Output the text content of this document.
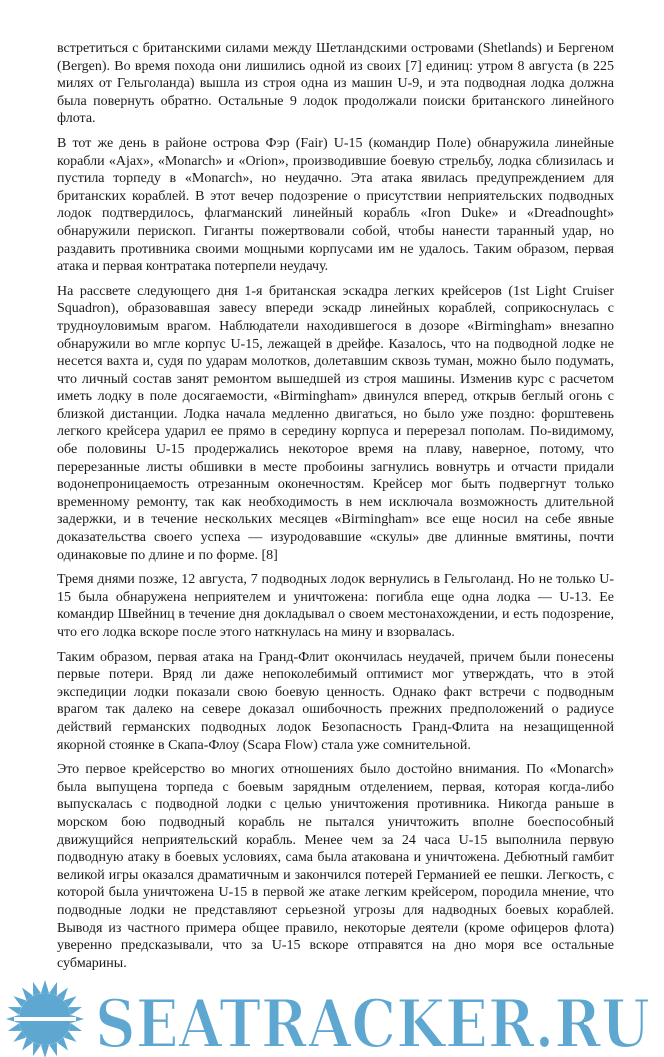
встретиться с британскими силами между Шетландскими островами (Shetlands) и Бергеном (Bergen). Во время похода они лишились одной из своих [7] единиц: утром 8 августа (в 225 милях от Гельголанда) вышла из строя одна из машин U-9, и эта подводная лодка должна была повернуть обратно. Остальные 9 лодок продолжали поиски британского линейного флота.

В тот же день в районе острова Фэр (Fair) U-15 (командир Поле) обнаружила линейные корабли «Ajax», «Monarch» и «Orion», производившие боевую стрельбу, лодка сблизилась и пустила торпеду в «Monarch», но неудачно. Эта атака явилась предупреждением для британских кораблей. В этот вечер подозрение о присутствии неприятельских подводных лодок подтвердилось, флагманский линейный корабль «Iron Duke» и «Dreadnought» обнаружили перископ. Гиганты пожертвовали собой, чтобы нанести таранный удар, но раздавить противника своими мощными корпусами им не удалось. Таким образом, первая атака и первая контратака потерпели неудачу.

На рассвете следующего дня 1-я британская эскадра легких крейсеров (1st Light Cruiser Squadron), образовавшая завесу впереди эскадр линейных кораблей, соприкоснулась с трудноуловимым врагом. Наблюдатели находившегося в дозоре «Birmingham» внезапно обнаружили во мгле корпус U-15, лежащей в дрейфе. Казалось, что на подводной лодке не несется вахта и, судя по ударам молотков, долетавшим сквозь туман, можно было подумать, что личный состав занят ремонтом вышедшей из строя машины. Изменив курс с расчетом иметь лодку в поле досягаемости, «Birmingham» двинулся вперед, открыв беглый огонь с близкой дистанции. Лодка начала медленно двигаться, но было уже поздно: форштевень легкого крейсера ударил ее прямо в середину корпуса и перерезал пополам. По-видимому, обе половины U-15 продержались некоторое время на плаву, наверное, потому, что перерезанные листы обшивки в месте пробоины загнулись вовнутрь и отчасти придали водонепроницаемость отрезанным оконечностям. Крейсер мог быть подвергнут только временному ремонту, так как необходимость в нем исключала возможность длительной задержки, и в течение нескольких месяцев «Birmingham» все еще носил на себе явные доказательства своего успеха — изуродовавшие «скулы» две длинные вмятины, почти одинаковые по длине и по форме. [8]

Тремя днями позже, 12 августа, 7 подводных лодок вернулись в Гельголанд. Но не только U-15 была обнаружена неприятелем и уничтожена: погибла еще одна лодка — U-13. Ее командир Швейниц в течение дня докладывал о своем местонахождении, и есть подозрение, что его лодка вскоре после этого наткнулась на мину и взорвалась.

Таким образом, первая атака на Гранд-Флит окончилась неудачей, причем были понесены первые потери. Вряд ли даже непоколебимый оптимист мог утверждать, что в этой экспедиции лодки показали свою боевую ценность. Однако факт встречи с подводным врагом так далеко на севере доказал ошибочность прежних предположений о радиусе действий германских подводных лодок Безопасность Гранд-Флита на незащищенной якорной стоянке в Скапа-Флоу (Scapa Flow) стала уже сомнительной.

Это первое крейсерство во многих отношениях было достойно внимания. По «Monarch» была выпущена торпеда с боевым зарядным отделением, первая, которая когда-либо выпускалась с подводной лодки с целью уничтожения противника. Никогда раньше в морском бою подводный корабль не пытался уничтожить вполне боеспособный движущийся неприятельский корабль. Менее чем за 24 часа U-15 выполнила первую подводную атаку в боевых условиях, сама была атакована и уничтожена. Дебютный гамбит великой игры оказался драматичным и закончился потерей Германией ее пешки. Легкость, с которой была уничтожена U-15 в первой же атаке легким крейсером, породила мнение, что подводные лодки не представляют серьезной угрозы для надводных боевых кораблей. Выводя из частного примера общее правило, некоторые деятели (кроме офицеров флота) уверенно предсказывали, что за U-15 вскоре отправятся на дно моря все остальные субмарины.

SEATRACKER.RU
